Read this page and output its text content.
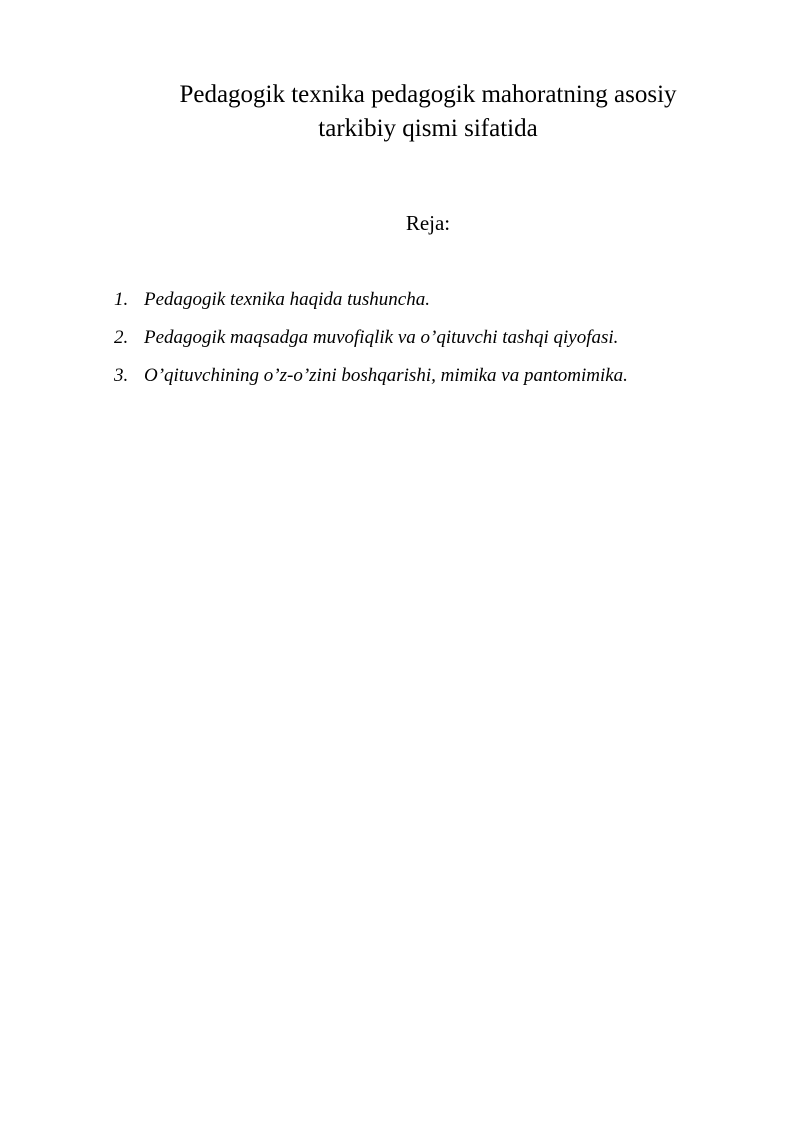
Pedagogik texnika pedagogik mahoratning asosiy
tarkibiy qismi sifatida
Reja:
1. Pedagogik texnika haqida tushuncha.
2. Pedagogik maqsadga muvofiqlik va o’qituvchi tashqi qiyofasi.
3. O’qituvchining o’z-o’zini boshqarishi, mimika va pantomimika.
